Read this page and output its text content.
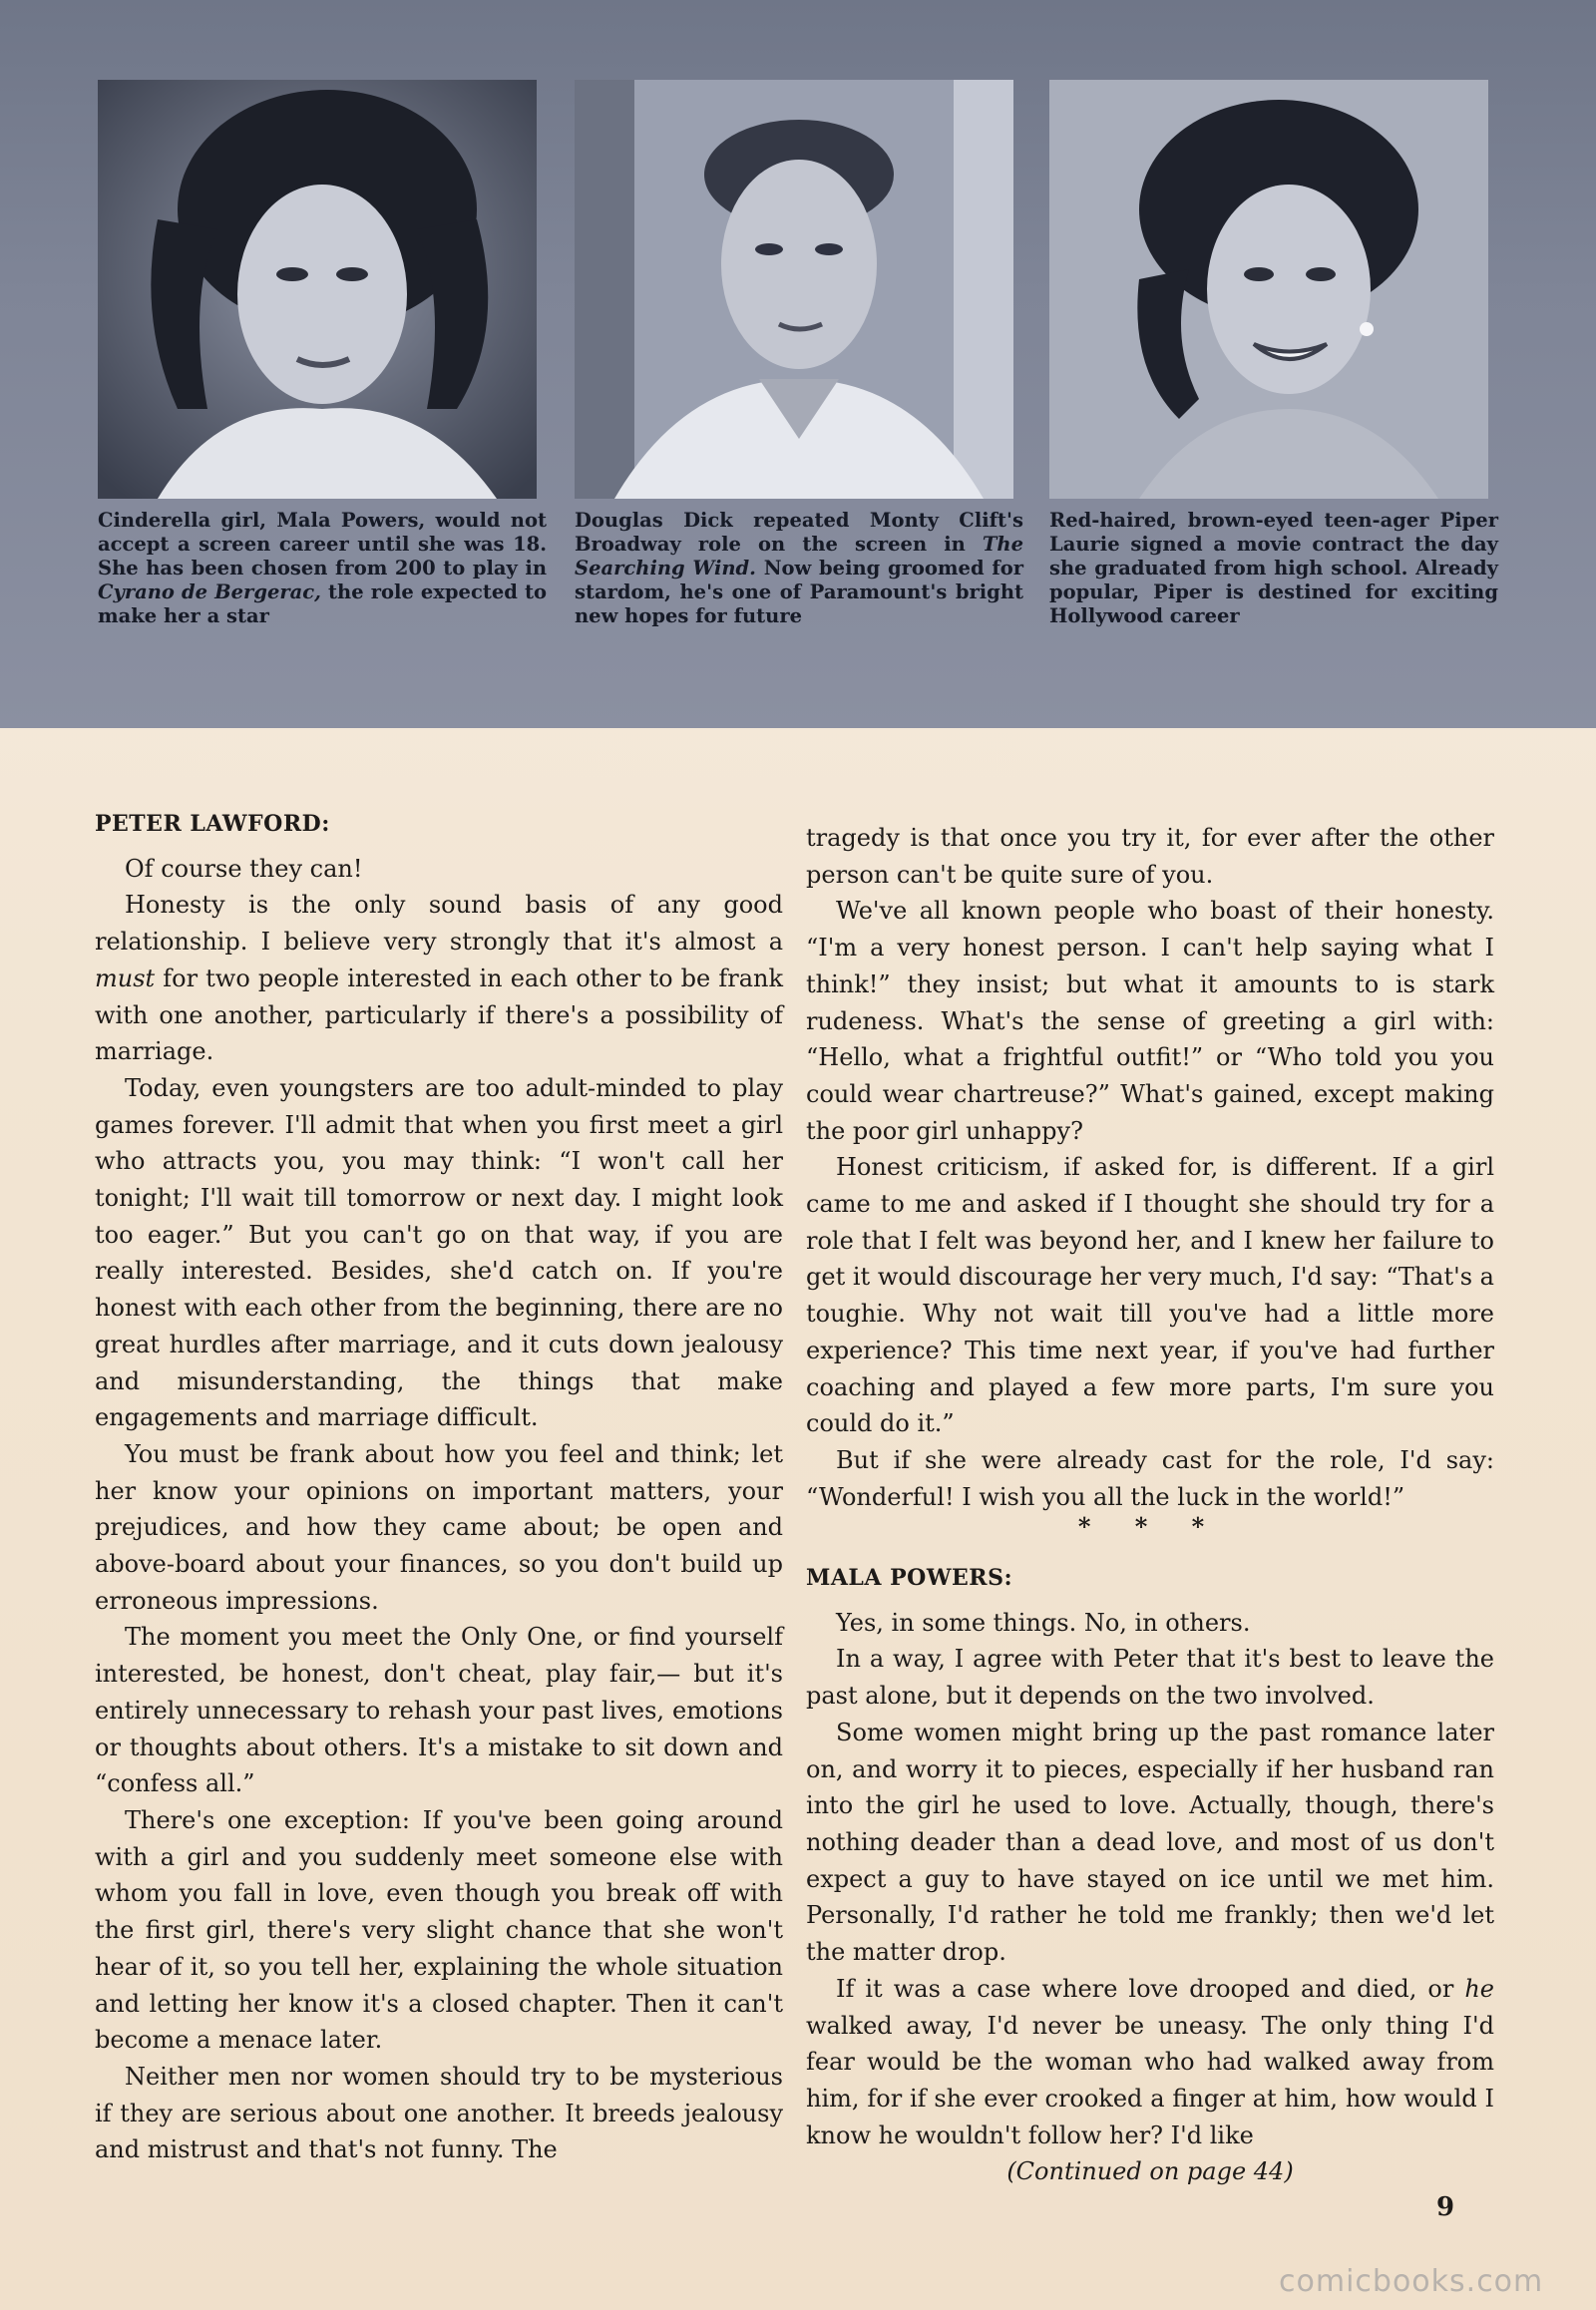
Cinderella girl, Mala Powers, would not accept a screen career until she was 18. She has been chosen from 200 to play in Cyrano de Bergerac, the role expected to make her a star
Douglas Dick repeated Monty Clift's Broadway role on the screen in The Searching Wind. Now being groomed for stardom, he's one of Paramount's bright new hopes for future
Red-haired, brown-eyed teen-ager Piper Laurie signed a movie contract the day she graduated from high school. Already popular, Piper is destined for exciting Hollywood career

PETER LAWFORD:

Of course they can!

Honesty is the only sound basis of any good relationship. I believe very strongly that it's almost a must for two people interested in each other to be frank with one another, particularly if there's a possibility of marriage.

Today, even youngsters are too adult-minded to play games forever. I'll admit that when you first meet a girl who attracts you, you may think: “I won't call her tonight; I'll wait till tomorrow or next day. I might look too eager.” But you can't go on that way, if you are really interested. Besides, she'd catch on. If you're honest with each other from the beginning, there are no great hurdles after marriage, and it cuts down jealousy and misunderstanding, the things that make engagements and marriage difficult.

You must be frank about how you feel and think; let her know your opinions on important matters, your prejudices, and how they came about; be open and above-board about your finances, so you don't build up erroneous impressions.

The moment you meet the Only One, or find yourself interested, be honest, don't cheat, play fair,— but it's entirely unnecessary to rehash your past lives, emotions or thoughts about others. It's a mistake to sit down and “confess all.”

There's one exception: If you've been going around with a girl and you suddenly meet someone else with whom you fall in love, even though you break off with the first girl, there's very slight chance that she won't hear of it, so you tell her, explaining the whole situation and letting her know it's a closed chapter. Then it can't become a menace later.

Neither men nor women should try to be mysterious if they are serious about one another. It breeds jealousy and mistrust and that's not funny. The

tragedy is that once you try it, for ever after the other person can't be quite sure of you.

We've all known people who boast of their honesty. “I'm a very honest person. I can't help saying what I think!” they insist; but what it amounts to is stark rudeness. What's the sense of greeting a girl with: “Hello, what a frightful outfit!” or “Who told you you could wear chartreuse?” What's gained, except making the poor girl unhappy?

Honest criticism, if asked for, is different. If a girl came to me and asked if I thought she should try for a role that I felt was beyond her, and I knew her failure to get it would discourage her very much, I'd say: “That's a toughie. Why not wait till you've had a little more experience? This time next year, if you've had further coaching and played a few more parts, I'm sure you could do it.”

But if she were already cast for the role, I'd say: “Wonderful! I wish you all the luck in the world!”

* * *

MALA POWERS:

Yes, in some things. No, in others.

In a way, I agree with Peter that it's best to leave the past alone, but it depends on the two involved.

Some women might bring up the past romance later on, and worry it to pieces, especially if her husband ran into the girl he used to love. Actually, though, there's nothing deader than a dead love, and most of us don't expect a guy to have stayed on ice until we met him. Personally, I'd rather he told me frankly; then we'd let the matter drop.

If it was a case where love drooped and died, or he walked away, I'd never be uneasy. The only thing I'd fear would be the woman who had walked away from him, for if she ever crooked a finger at him, how would I know he wouldn't follow her? I'd like

(Continued on page 44)

9
comicbooks.com
